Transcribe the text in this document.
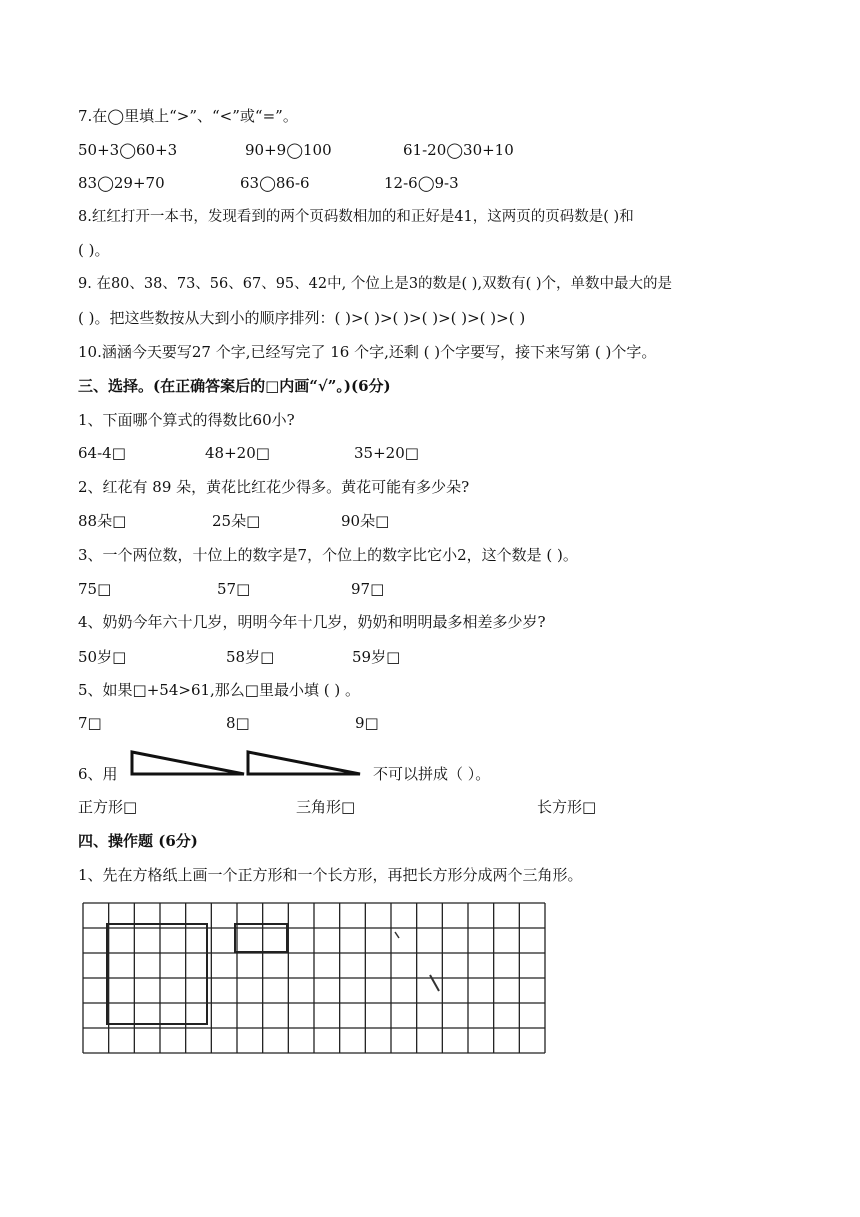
7.在◯里填上“>”、“<”或“=”。
50+3◯60+3	90+9◯100	61-20◯30+10
83◯29+70	63◯86-6	12-6◯9-3
8.红红打开一本书，发现看到的两个页码数相加的和正好是41，这两页的页码数是( )和
( )。
9. 在80、38、73、56、67、95、42中, 个位上是3的数是( ),双数有( )个，单数中最大的是
( )。把这些数按从大到小的顺序排列：( )>( )>( )>( )>( )>( )>( )
10.涵涵今天要写27 个字,已经写完了 16 个字,还剩 ( )个字要写，接下来写第 ( )个字。
三、选择。(在正确答案后的□内画“√”。)(6分)
1、下面哪个算式的得数比60小?
64-4□	48+20□	35+20□
2、红花有 89 朵，黄花比红花少得多。黄花可能有多少朵?
88朵□	25朵□	90朵□
3、一个两位数，十位上的数字是7，个位上的数字比它小2，这个数是 ( )。
75□	57□	97□
4、奶奶今年六十几岁，明明今年十几岁，奶奶和明明最多相差多少岁?
50岁□	58岁□	59岁□
5、如果□+54>61,那么□里最小填 ( ) 。
7□	8□	9□
6、用	不可以拼成（ ）。
正方形□	三角形□	长方形□
四、操作题 (6分)
1、先在方格纸上画一个正方形和一个长方形，再把长方形分成两个三角形。
